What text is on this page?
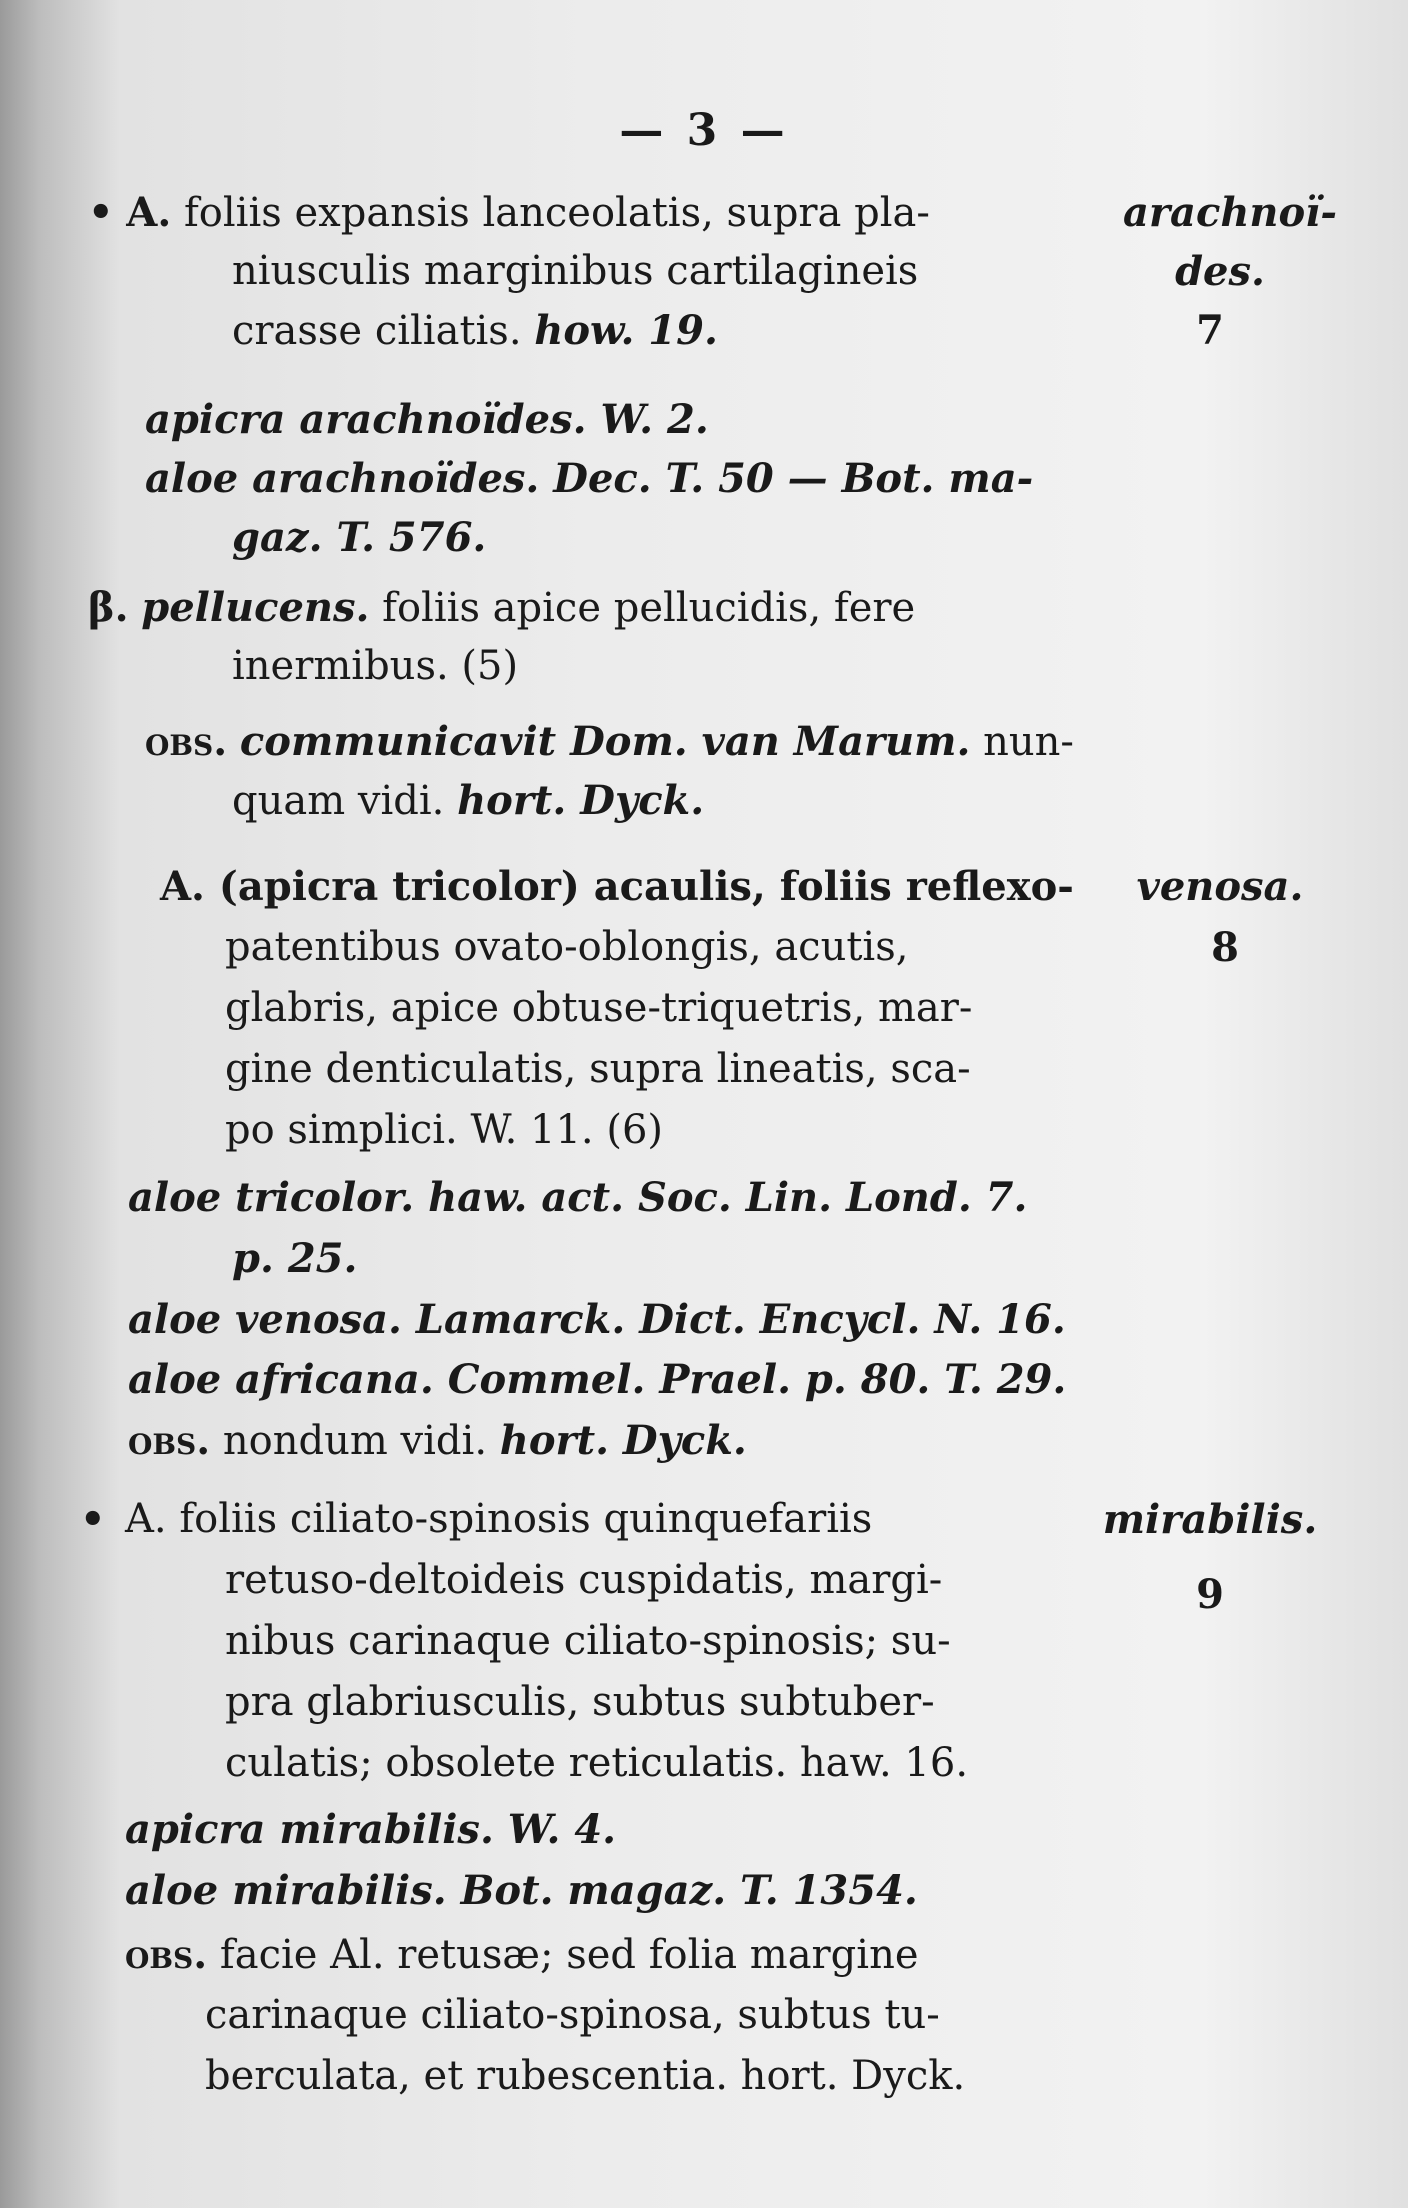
— 3 —
• A. foliis expansis lanceolatis, supra pla-
niusculis marginibus cartilagineis
crasse ciliatis. how. 19.
arachnoï-
des.
7
apicra arachnoïdes. W. 2.
aloe arachnoïdes. Dec. T. 50 — Bot. ma-
gaz. T. 576.
β. pellucens. foliis apice pellucidis, fere
inermibus. (5)
obs. communicavit Dom. van Marum. nun-
quam vidi. hort. Dyck.
A. (apicra tricolor) acaulis, foliis reflexo-
patentibus ovato-oblongis, acutis,
glabris, apice obtuse-triquetris, mar-
gine denticulatis, supra lineatis, sca-
po simplici. W. 11. (6)
aloe tricolor. haw. act. Soc. Lin. Lond. 7.
p. 25.
aloe venosa. Lamarck. Dict. Encycl. N. 16.
aloe africana. Commel. Prael. p. 80. T. 29.
obs. nondum vidi. hort. Dyck.
venosa.
8
• A. foliis ciliato-spinosis quinquefariis
retuso-deltoideis cuspidatis, margi-
nibus carinaque ciliato-spinosis; su-
pra glabriusculis, subtus subtuber-
culatis; obsolete reticulatis. haw. 16.
apicra mirabilis. W. 4.
aloe mirabilis. Bot. magaz. T. 1354.
obs. facie Al. retusæ; sed folia margine
carinaque ciliato-spinosa, subtus tu-
berculata, et rubescentia. hort. Dyck.
mirabilis.
9
